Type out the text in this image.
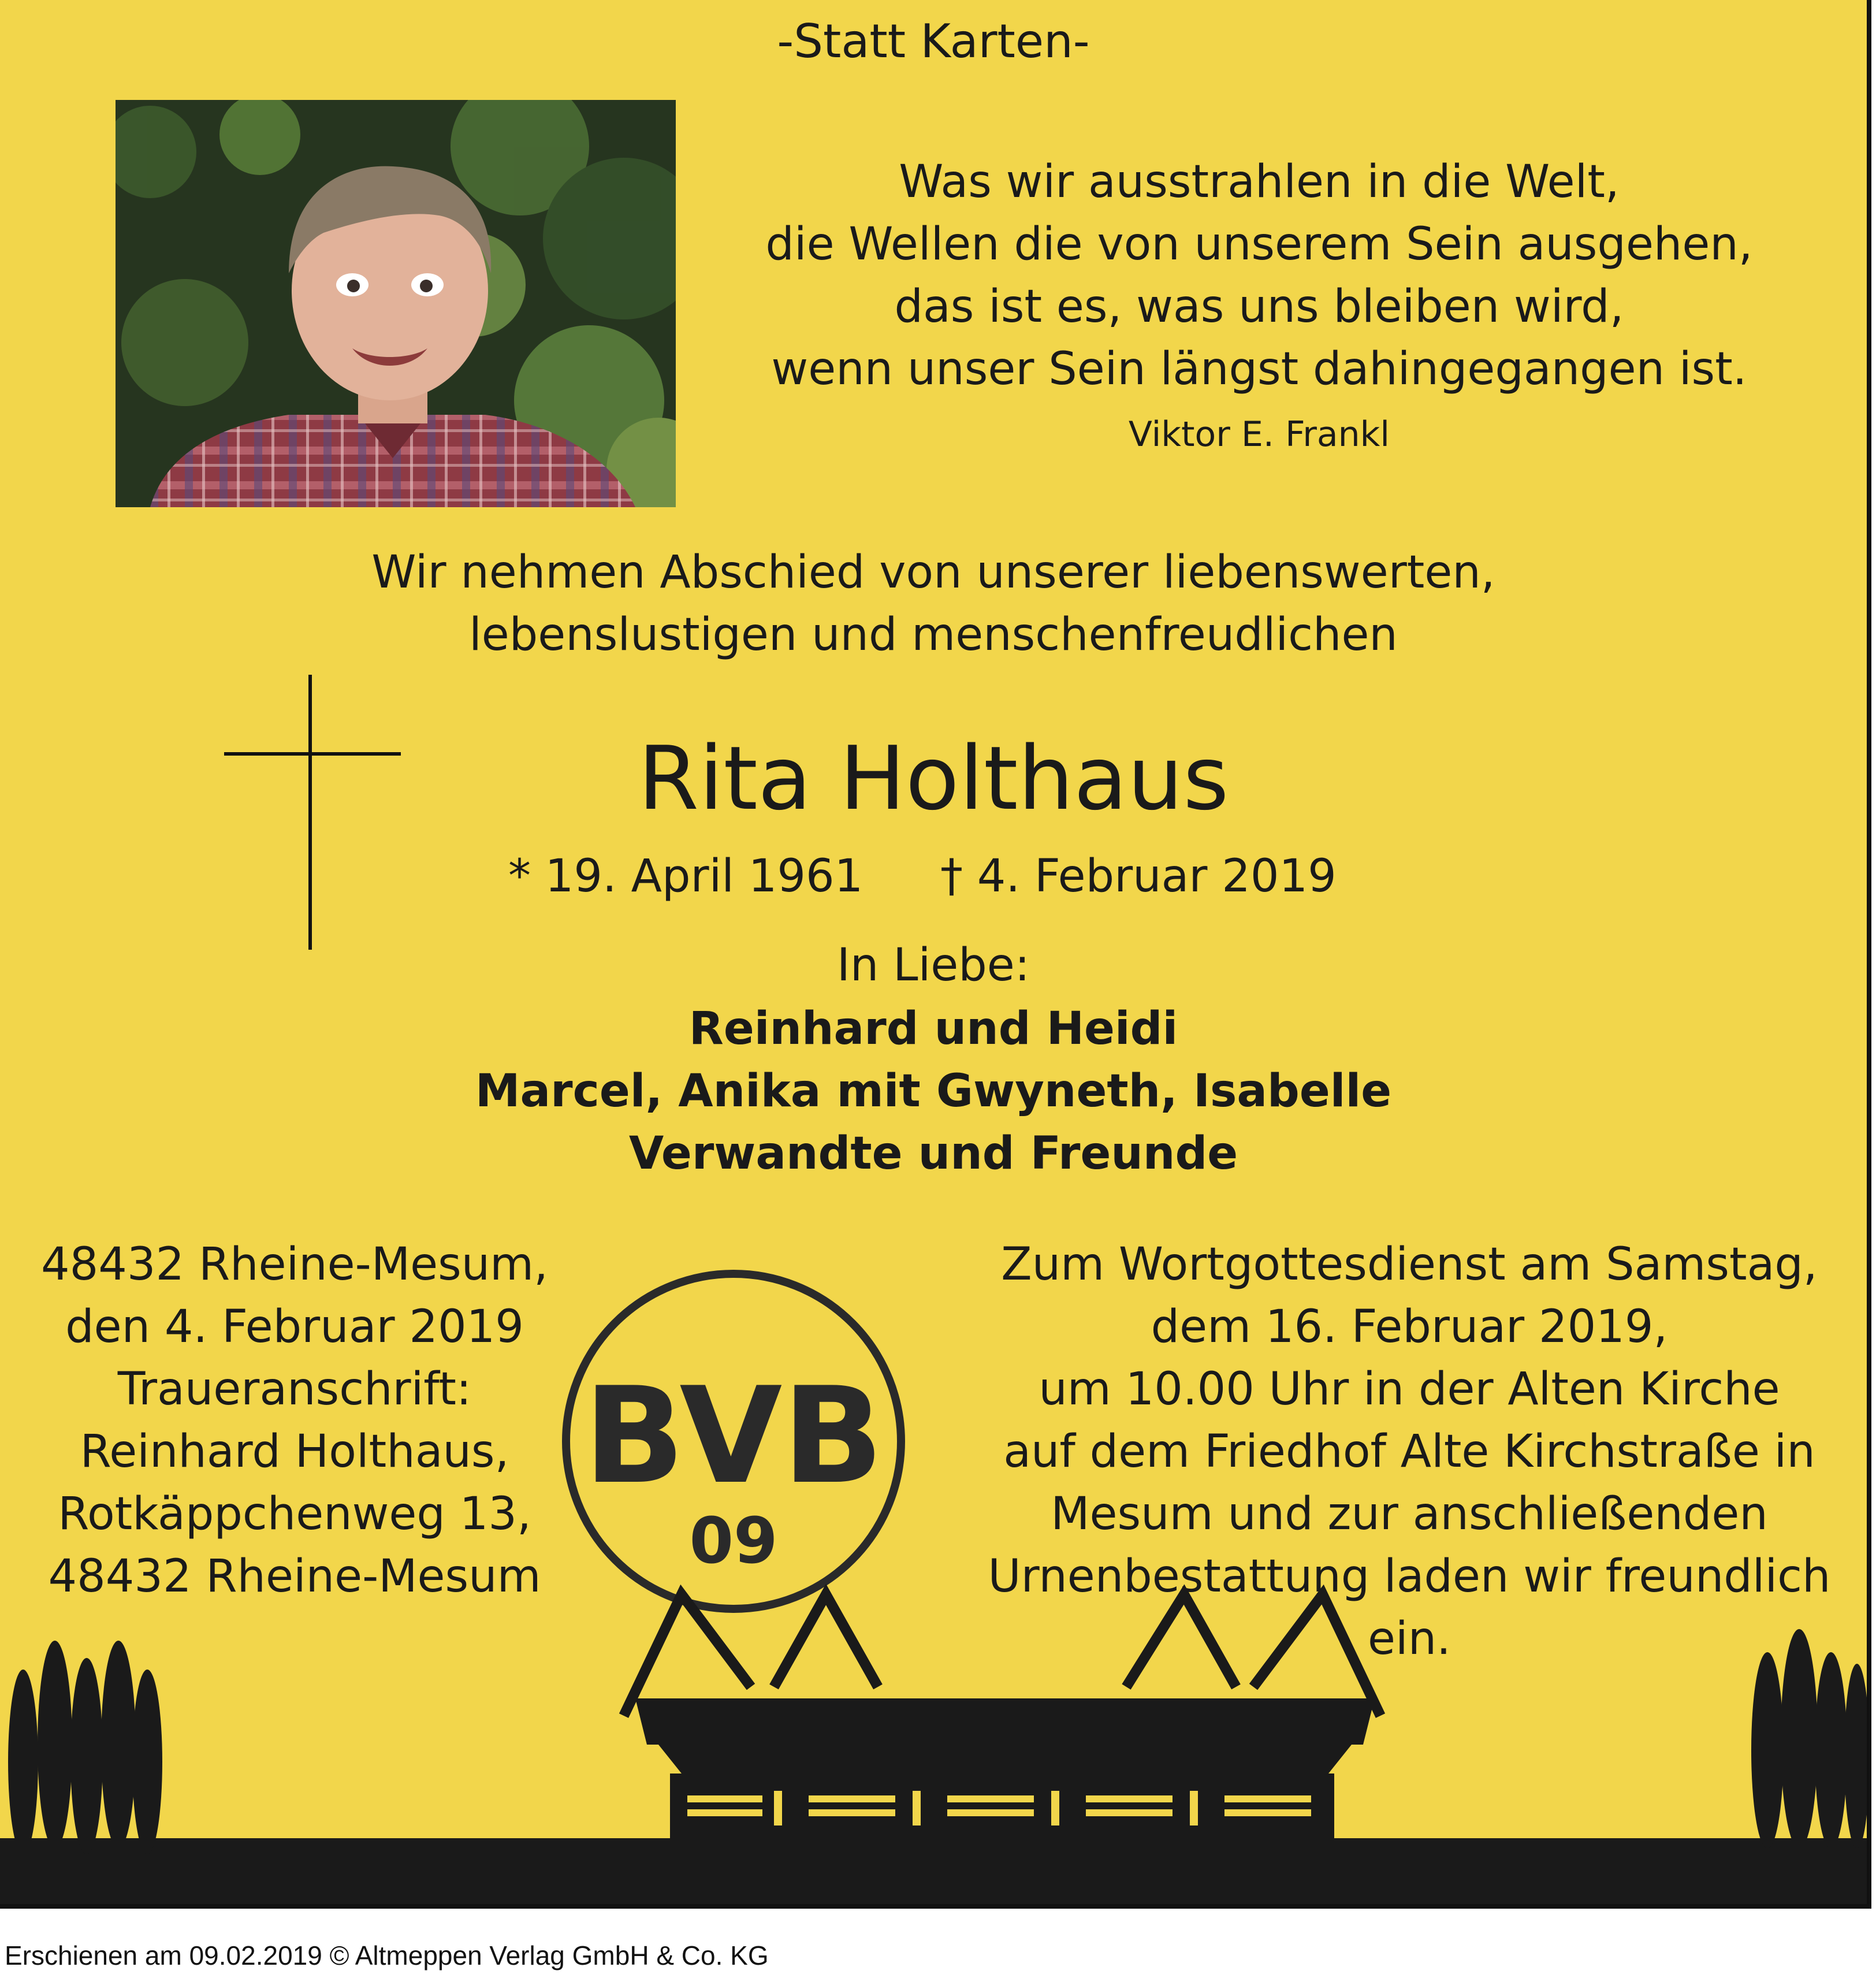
-Statt Karten-
Was wir ausstrahlen in die Welt,
die Wellen die von unserem Sein ausgehen,
das ist es, was uns bleiben wird,
wenn unser Sein längst dahingegangen ist.
Viktor E. Frankl
Wir nehmen Abschied von unserer liebenswerten,
lebenslustigen und menschenfreudlichen
Rita Holthaus
* 19. April 1961	† 4. Februar 2019
In Liebe:
Reinhard und Heidi
Marcel, Anika mit Gwyneth, Isabelle
Verwandte und Freunde
48432 Rheine-Mesum,
den 4. Februar 2019
Traueranschrift:
Reinhard Holthaus,
Rotkäppchenweg 13,
48432 Rheine-Mesum
Zum Wortgottesdienst am Samstag,
dem 16. Februar 2019,
um 10.00 Uhr in der Alten Kirche
auf dem Friedhof Alte Kirchstraße in
Mesum und zur anschließenden
Urnenbestattung laden wir freundlich
ein.
BVB
09
Erschienen am 09.02.2019 © Altmeppen Verlag GmbH & Co. KG
